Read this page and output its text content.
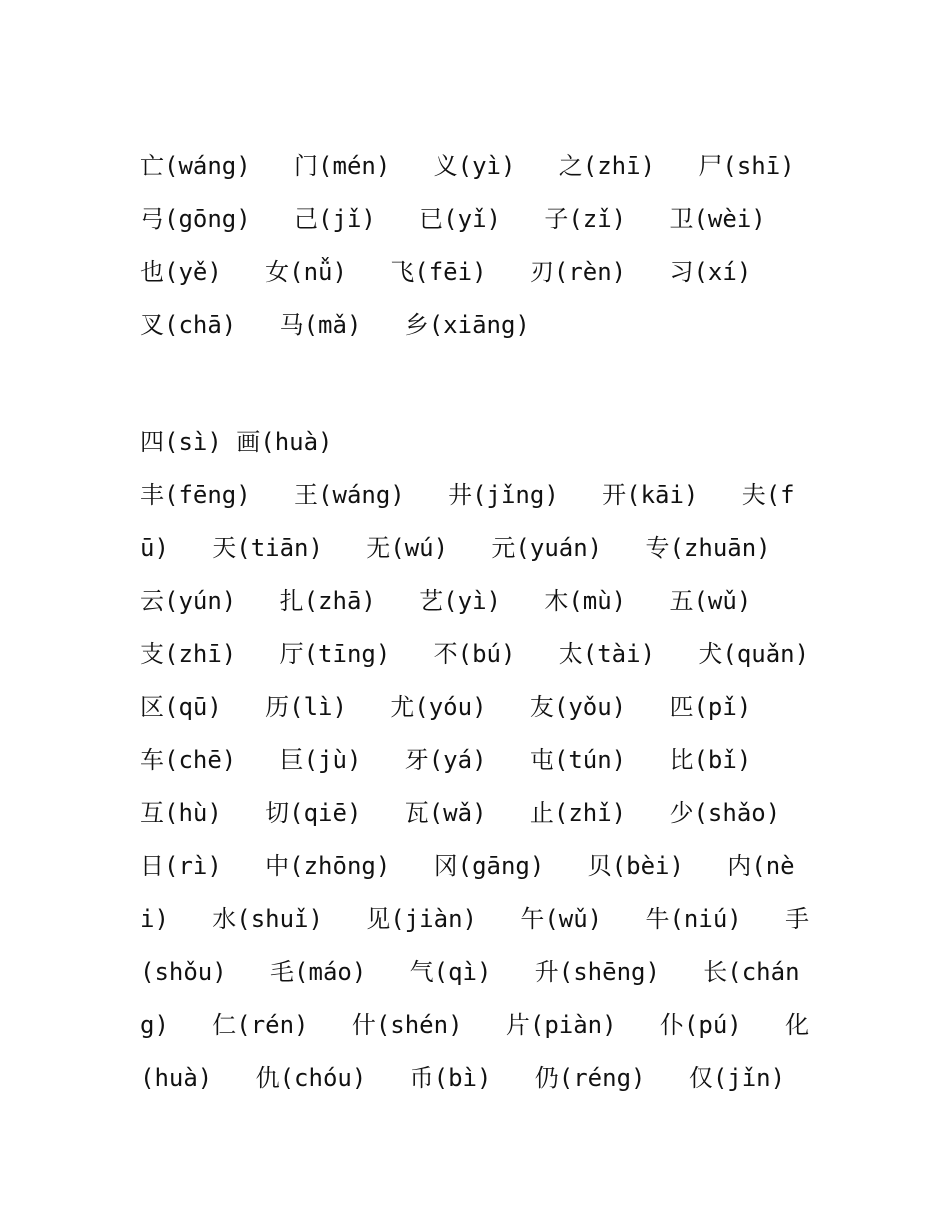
亡(wáng)   门(mén)   义(yì)   之(zhī)   尸(shī)
弓(gōng)   己(jǐ)   已(yǐ)   子(zǐ)   卫(wèi)
也(yě)   女(nǚ)   飞(fēi)   刃(rèn)   习(xí)
叉(chā)   马(mǎ)   乡(xiāng)
四(sì) 画(huà)
丰(fēng)   王(wáng)   井(jǐng)   开(kāi)   夫(f
ū)   天(tiān)   无(wú)   元(yuán)   专(zhuān)
云(yún)   扎(zhā)   艺(yì)   木(mù)   五(wǔ)
支(zhī)   厅(tīng)   不(bú)   太(tài)   犬(quǎn)
区(qū)   历(lì)   尤(yóu)   友(yǒu)   匹(pǐ)
车(chē)   巨(jù)   牙(yá)   屯(tún)   比(bǐ)
互(hù)   切(qiē)   瓦(wǎ)   止(zhǐ)   少(shǎo)
日(rì)   中(zhōng)   冈(gāng)   贝(bèi)   内(nè
i)   水(shuǐ)   见(jiàn)   午(wǔ)   牛(niú)   手
(shǒu)   毛(máo)   气(qì)   升(shēng)   长(chán
g)   仁(rén)   什(shén)   片(piàn)   仆(pú)   化
(huà)   仇(chóu)   币(bì)   仍(réng)   仅(jǐn)
